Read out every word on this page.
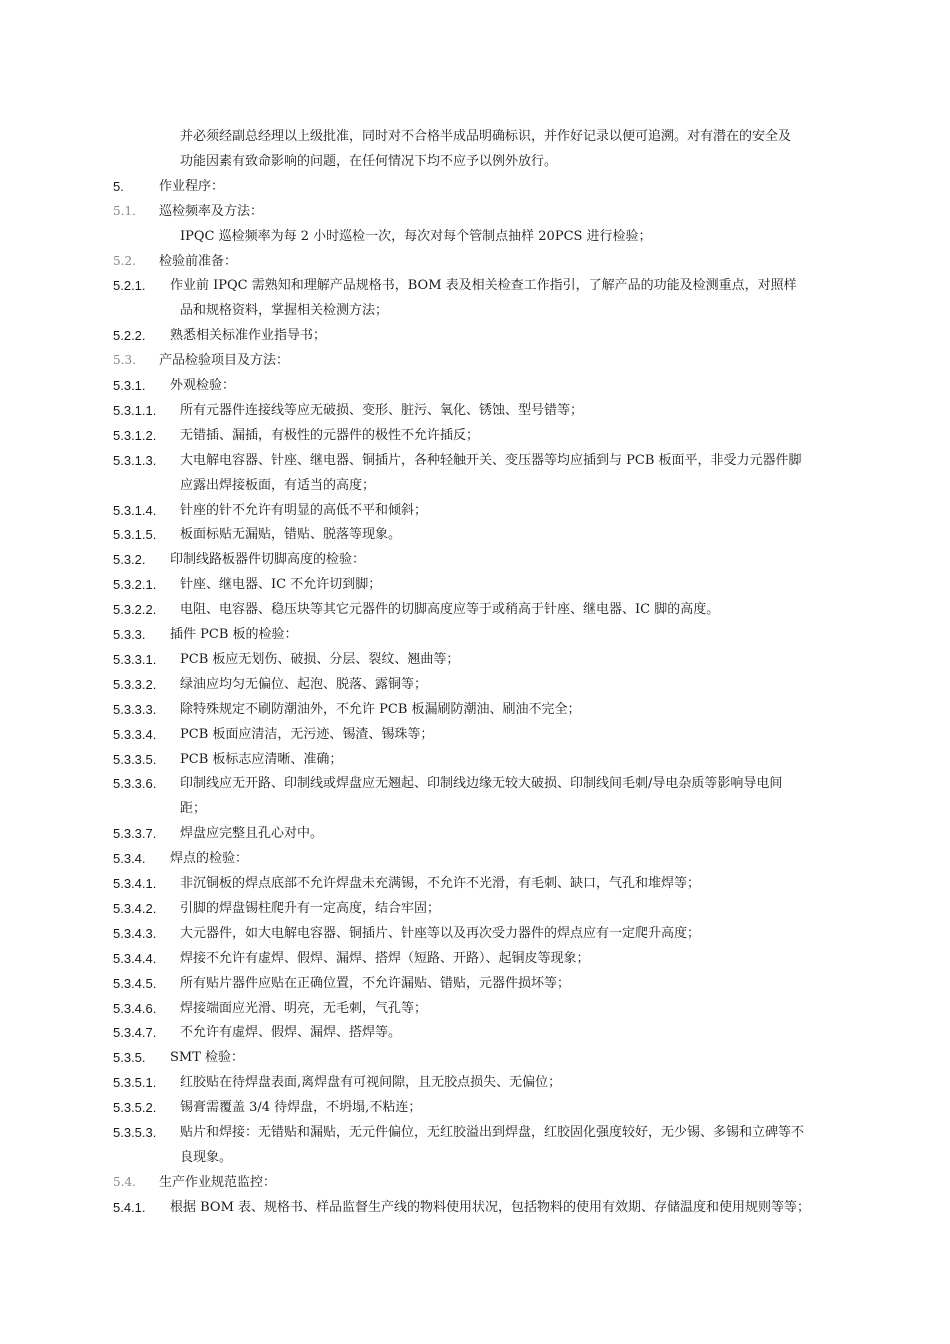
并必须经副总经理以上级批准，同时对不合格半成品明确标识，并作好记录以便可追溯。对有潜在的安全及
功能因素有致命影响的问题，在任何情况下均不应予以例外放行。
5.	作业程序：
5.1. 巡检频率及方法：
IPQC 巡检频率为每 2 小时巡检一次，每次对每个管制点抽样 20PCS 进行检验；
5.2. 检验前准备：
5.2.1. 作业前 IPQC 需熟知和理解产品规格书，BOM 表及相关检查工作指引，了解产品的功能及检测重点，对照样
品和规格资料，掌握相关检测方法；
5.2.2. 熟悉相关标准作业指导书；
5.3. 产品检验项目及方法：
5.3.1. 外观检验：
5.3.1.1. 所有元器件连接线等应无破损、变形、脏污、氧化、锈蚀、型号错等；
5.3.1.2. 无错插、漏插，有极性的元器件的极性不允许插反；
5.3.1.3. 大电解电容器、针座、继电器、铜插片，各种轻触开关、变压器等均应插到与 PCB 板面平，非受力元器件脚
应露出焊接板面，有适当的高度；
5.3.1.4. 针座的针不允许有明显的高低不平和倾斜；
5.3.1.5. 板面标贴无漏贴，错贴、脱落等现象。
5.3.2. 印制线路板器件切脚高度的检验：
5.3.2.1. 针座、继电器、IC 不允许切到脚；
5.3.2.2. 电阻、电容器、稳压块等其它元器件的切脚高度应等于或稍高于针座、继电器、IC 脚的高度。
5.3.3. 插件 PCB 板的检验：
5.3.3.1. PCB 板应无划伤、破损、分层、裂纹、翘曲等；
5.3.3.2. 绿油应均匀无偏位、起泡、脱落、露铜等；
5.3.3.3. 除特殊规定不刷防潮油外，不允许 PCB 板漏刷防潮油、刷油不完全；
5.3.3.4. PCB 板面应清洁，无污迹、锡渣、锡珠等；
5.3.3.5. PCB 板标志应清晰、准确；
5.3.3.6. 印制线应无开路、印制线或焊盘应无翘起、印制线边缘无较大破损、印制线间毛刺/导电杂质等影响导电间
距；
5.3.3.7. 焊盘应完整且孔心对中。
5.3.4. 焊点的检验：
5.3.4.1. 非沉铜板的焊点底部不允许焊盘未充满锡，不允许不光滑，有毛刺、缺口，气孔和堆焊等；
5.3.4.2. 引脚的焊盘锡柱爬升有一定高度，结合牢固；
5.3.4.3. 大元器件，如大电解电容器、铜插片、针座等以及再次受力器件的焊点应有一定爬升高度；
5.3.4.4. 焊接不允许有虚焊、假焊、漏焊、搭焊（短路、开路）、起铜皮等现象；
5.3.4.5. 所有贴片器件应贴在正确位置，不允许漏贴、错贴，元器件损坏等；
5.3.4.6. 焊接端面应光滑、明亮，无毛刺，气孔等；
5.3.4.7. 不允许有虚焊、假焊、漏焊、搭焊等。
5.3.5. SMT 检验：
5.3.5.1. 红胶贴在待焊盘表面,离焊盘有可视间隙，且无胶点损失、无偏位；
5.3.5.2. 锡膏需覆盖 3/4 待焊盘，不坍塌,不粘连；
5.3.5.3. 贴片和焊接：无错贴和漏贴，无元件偏位，无红胶溢出到焊盘，红胶固化强度较好，无少锡、多锡和立碑等不
良现象。
5.4. 生产作业规范监控：
5.4.1. 根据 BOM 表、规格书、样品监督生产线的物料使用状况，包括物料的使用有效期、存储温度和使用规则等等；
